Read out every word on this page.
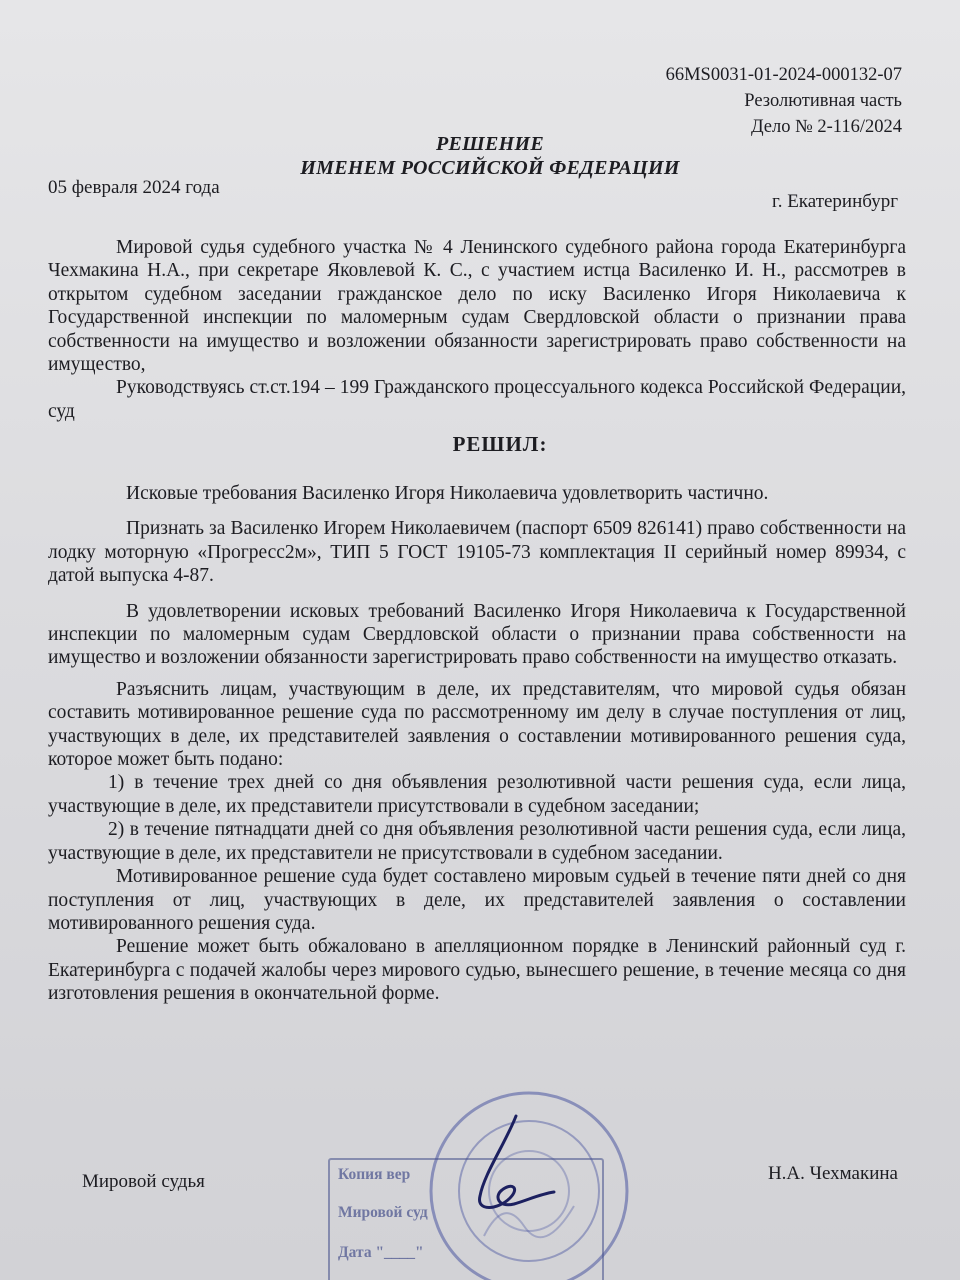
66MS0031-01-2024-000132-07
Резолютивная часть
Дело № 2-116/2024
РЕШЕНИЕ
ИМЕНЕМ РОССИЙСКОЙ ФЕДЕРАЦИИ
05 февраля 2024 года
г. Екатеринбург

Мировой судья судебного участка № 4 Ленинского судебного района города Екатеринбурга Чехмакина Н.А., при секретаре Яковлевой К. С., с участием истца Василенко И. Н., рассмотрев в открытом судебном заседании гражданское дело по иску Василенко Игоря Николаевича к Государственной инспекции по маломерным судам Свердловской области о признании права собственности на имущество и возложении обязанности зарегистрировать право собственности на имущество,

Руководствуясь ст.ст.194 – 199 Гражданского процессуального кодекса Российской Федерации, суд

РЕШИЛ:

Исковые требования Василенко Игоря Николаевича удовлетворить частично.

Признать за Василенко Игорем Николаевичем (паспорт 6509 826141) право собственности на лодку моторную «Прогресс2м», ТИП 5 ГОСТ 19105-73 комплектация II серийный номер 89934, с датой выпуска 4-87.

В удовлетворении исковых требований Василенко Игоря Николаевича к Государственной инспекции по маломерным судам Свердловской области о признании права собственности на имущество и возложении обязанности зарегистрировать право собственности на имущество отказать.

Разъяснить лицам, участвующим в деле, их представителям, что мировой судья обязан составить мотивированное решение суда по рассмотренному им делу в случае поступления от лиц, участвующих в деле, их представителей заявления о составлении мотивированного решения суда, которое может быть подано:

1) в течение трех дней со дня объявления резолютивной части решения суда, если лица, участвующие в деле, их представители присутствовали в судебном заседании;

2) в течение пятнадцати дней со дня объявления резолютивной части решения суда, если лица, участвующие в деле, их представители не присутствовали в судебном заседании.

Мотивированное решение суда будет составлено мировым судьей в течение пяти дней со дня поступления от лиц, участвующих в деле, их представителей заявления о составлении мотивированного решения суда.

Решение может быть обжаловано в апелляционном порядке в Ленинский районный суд г. Екатеринбурга с подачей жалобы через мирового судью, вынесшего решение, в течение месяца со дня изготовления решения в окончательной форме.

Копия вер
Мировой суд
Дата "____"
Мировой судья	Н.А. Чехмакина
